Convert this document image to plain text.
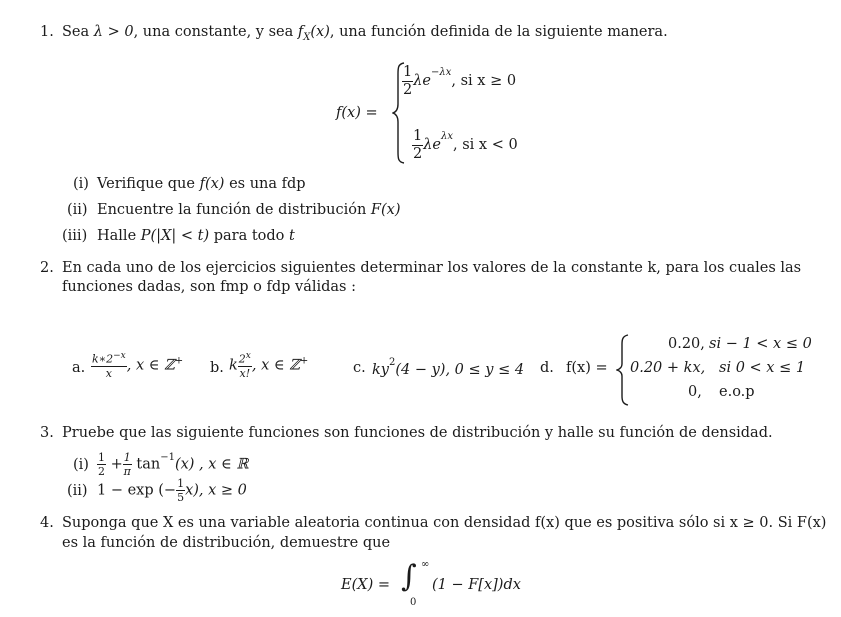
1. Sea λ > 0, una constante, y sea $f_X(x)$, una función definida de la siguiente manera.
f(x) =
$\frac{1}{2} \lambda e^{-\lambda x}$, si x ≥ 0
$\frac{1}{2} \lambda e^{\lambda x}$, si x < 0
(i) Verifique que f(x) es una fdp
(ii) Encuentre la función de distribución F(x)
(iii) Halle P(|X| < t) para todo t
2. En cada uno de los ejercicios siguientes determinar los valores de la constante k, para los cuales las
funciones dadas, son fmp o fdp válidas :
a. $\frac{k∗2^{-x}}{x}$ , x ∈ ℤ+ b. k $\frac{2^x}{x!}$ , x ∈ ℤ+	c. $ky^2(4 - y)$, 0 ≤ y ≤ 4 d. f(x) =
0.20, si − 1 < x ≤ 0
0.20 + kx, si 0 < x ≤ 1
0, e.o.p
3. Pruebe que las siguiente funciones son funciones de distribución y halle su función de densidad.
$(i) \frac{1}{2} + \frac{1}{\pi} \tan^{-1}(x)$ , x ∈ ℝ
(ii) 1 − exp (− $\frac{1}{5} x$), x ≥ 0
4. Suponga que X es una variable aleatoria continua con densidad f(x) que es positiva sólo si x ≥ 0. Si F(x)
es la función de distribución, demuestre que
E(X) = ∫ ∞
0
(1 − F[x])dx
